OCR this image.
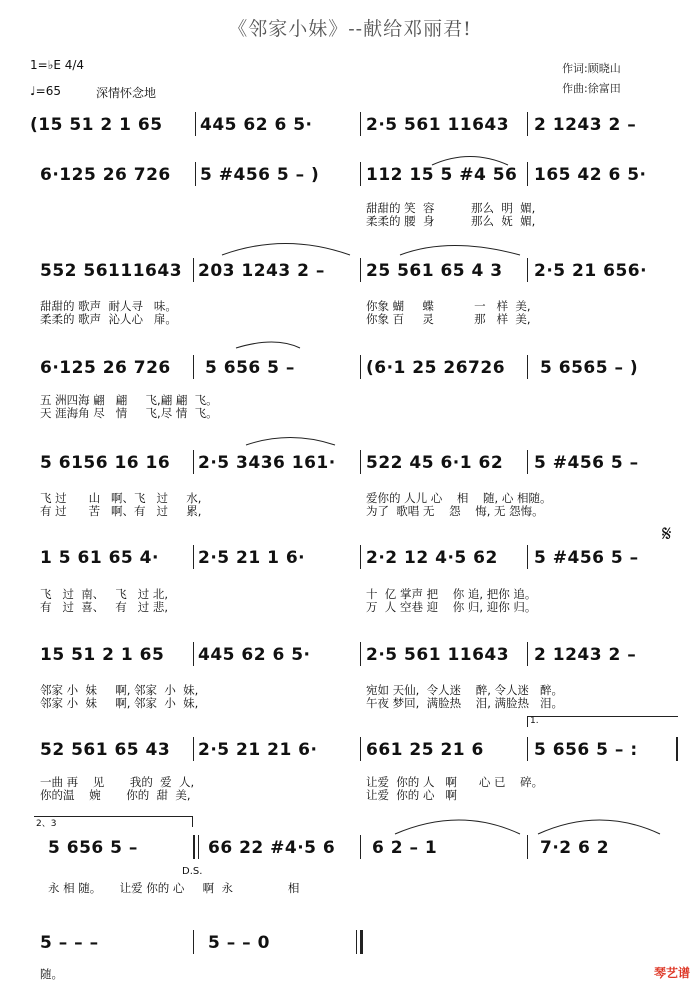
《邻家小妹》--献给邓丽君!
1=♭E 4/4
♩=65	深情怀念地
作词:顾晓山
作曲:徐富田
(15 51 2 1 65 445 62 6 5·	2·5 561 11643 2 1243 2 –
6·125 26 726 5 #456 5 – )	112 15 5 #4 56 165 42 6 5·
甜甜的 笑  容          那么  明  媚,
柔柔的 腰  身          那么  妩  媚,
552 56111643 203 1243 2 – 25 561 65 4 3 2·5 21 656·
甜甜的 歌声  耐人寻   味。
柔柔的 歌声  沁人心   扉。
你象 蝴     蝶           一   样  美,
你象 百     灵           那   样  美,
6·125 26 726 5 656 5 –	(6·1 25 26726 5 6565 – )
五 洲四海 翩   翩     飞,翩 翩  飞。
天 涯海角 尽   情     飞,尽 情  飞。
5 6156 16 16 2·5 3436 161· 522 45 6·1 62 5 #456 5 –
飞 过      山   啊、飞   过     水,
有 过      苦   啊、有   过     累,
爱你的 人儿 心    相    随, 心 相随。
为了  歌唱 无    怨    悔, 无 怨悔。
𝄋
1 5 61 65 4· 2·5 21 1 6·	2·2 12 4·5 62 5 #456 5 –
飞   过  南、   飞   过 北,
有   过  喜、   有   过 悲,
十  亿 掌声 把    你 追, 把你 追。
万  人 空巷 迎    你 归, 迎你 归。
15 51 2 1 65 445 62 6 5·	2·5 561 11643 2 1243 2 –
邻家 小  妹     啊, 邻家  小  妹,
邻家 小  妹     啊, 邻家  小  妹,
宛如 天仙,  令人迷    醉, 令人迷   醉。
午夜 梦回,  满脸热    泪, 满脸热   泪。
1.
52 561 65 43 2·5 21 21 6·	661 25 21 6	5 656 5 – :
一曲 再    见       我的  爱  人,
你的温    婉       你的  甜  美,
让爱  你的 人   啊      心 已    碎。
让爱  你的 心   啊
2、3
5 656 5 –
D.S.
66 22 #4·5 6 6 2 – 1	7·2 6 2
永 相 随。     让爱 你的 心     啊  永               相
5 – – –	5 – – 0
随。	琴艺谱
